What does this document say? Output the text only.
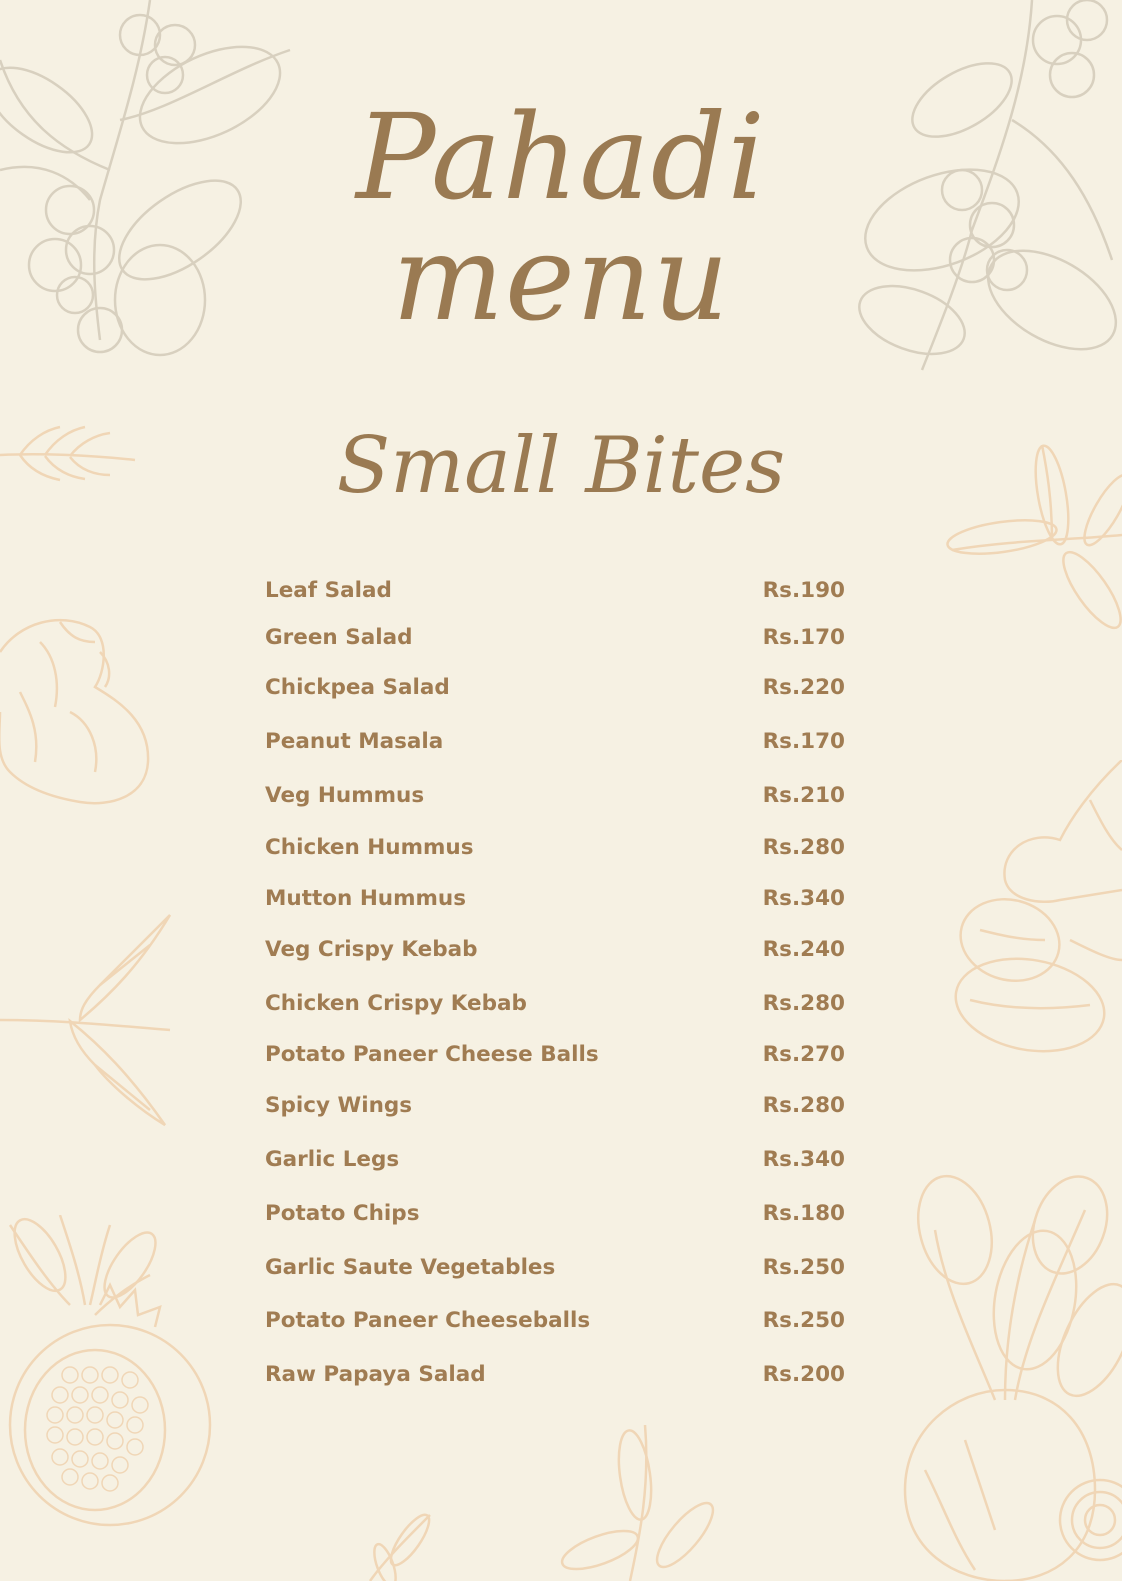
Pahadi
menu
Small Bites
Leaf Salad	Rs.190
Green Salad	Rs.170
Chickpea Salad	Rs.220
Peanut Masala	Rs.170
Veg Hummus	Rs.210
Chicken Hummus	Rs.280
Mutton Hummus	Rs.340
Veg Crispy Kebab	Rs.240
Chicken Crispy Kebab	Rs.280
Potato Paneer Cheese Balls	Rs.270
Spicy Wings	Rs.280
Garlic Legs	Rs.340
Potato Chips	Rs.180
Garlic Saute Vegetables	Rs.250
Potato Paneer Cheeseballs	Rs.250
Raw Papaya Salad	Rs.200
